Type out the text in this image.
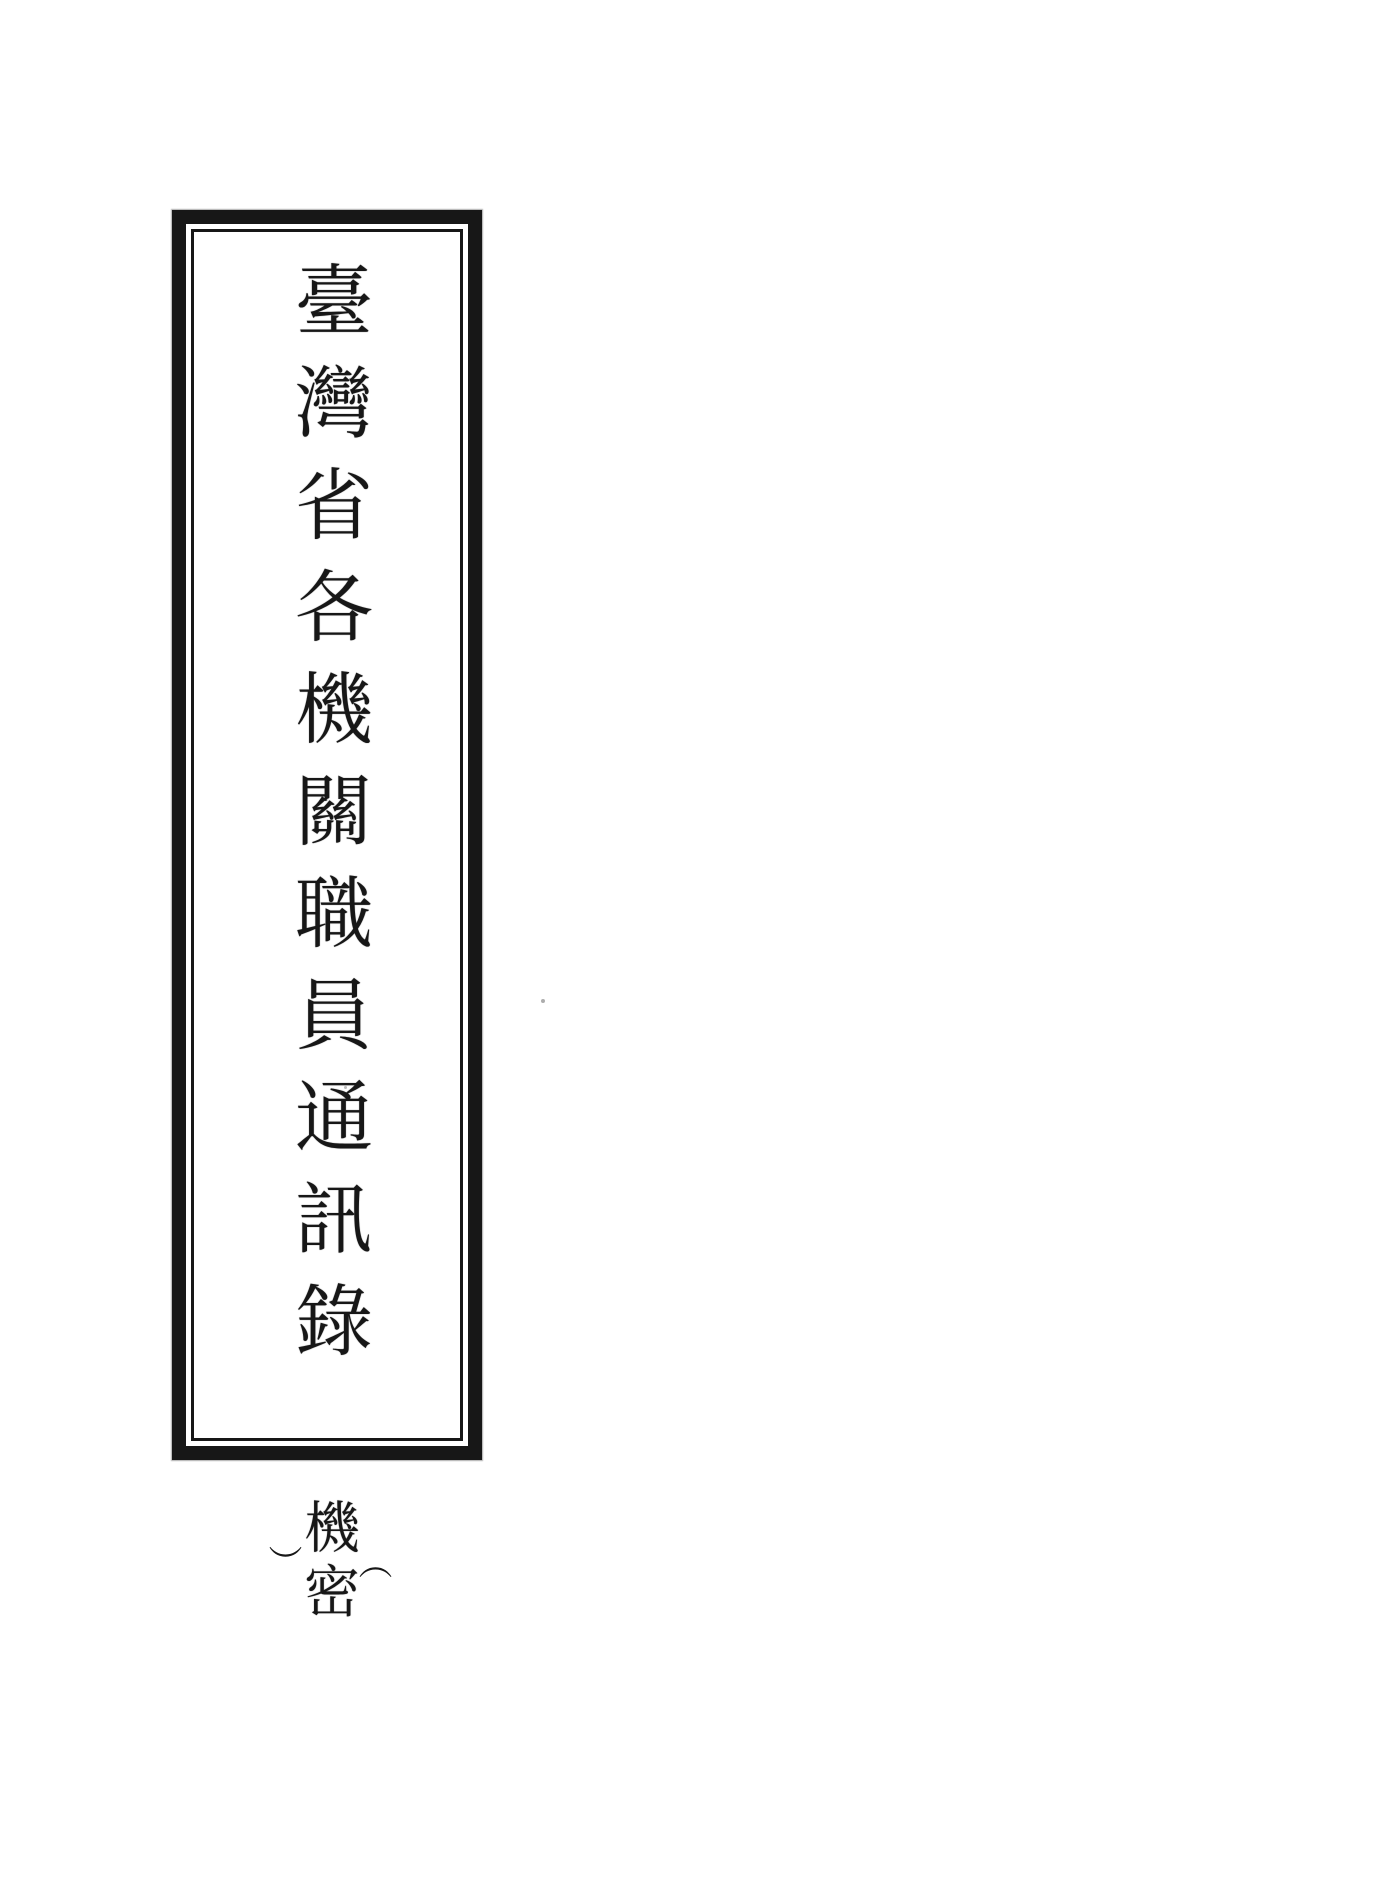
臺灣省各機關職員通訊錄
︵
機密
︶
